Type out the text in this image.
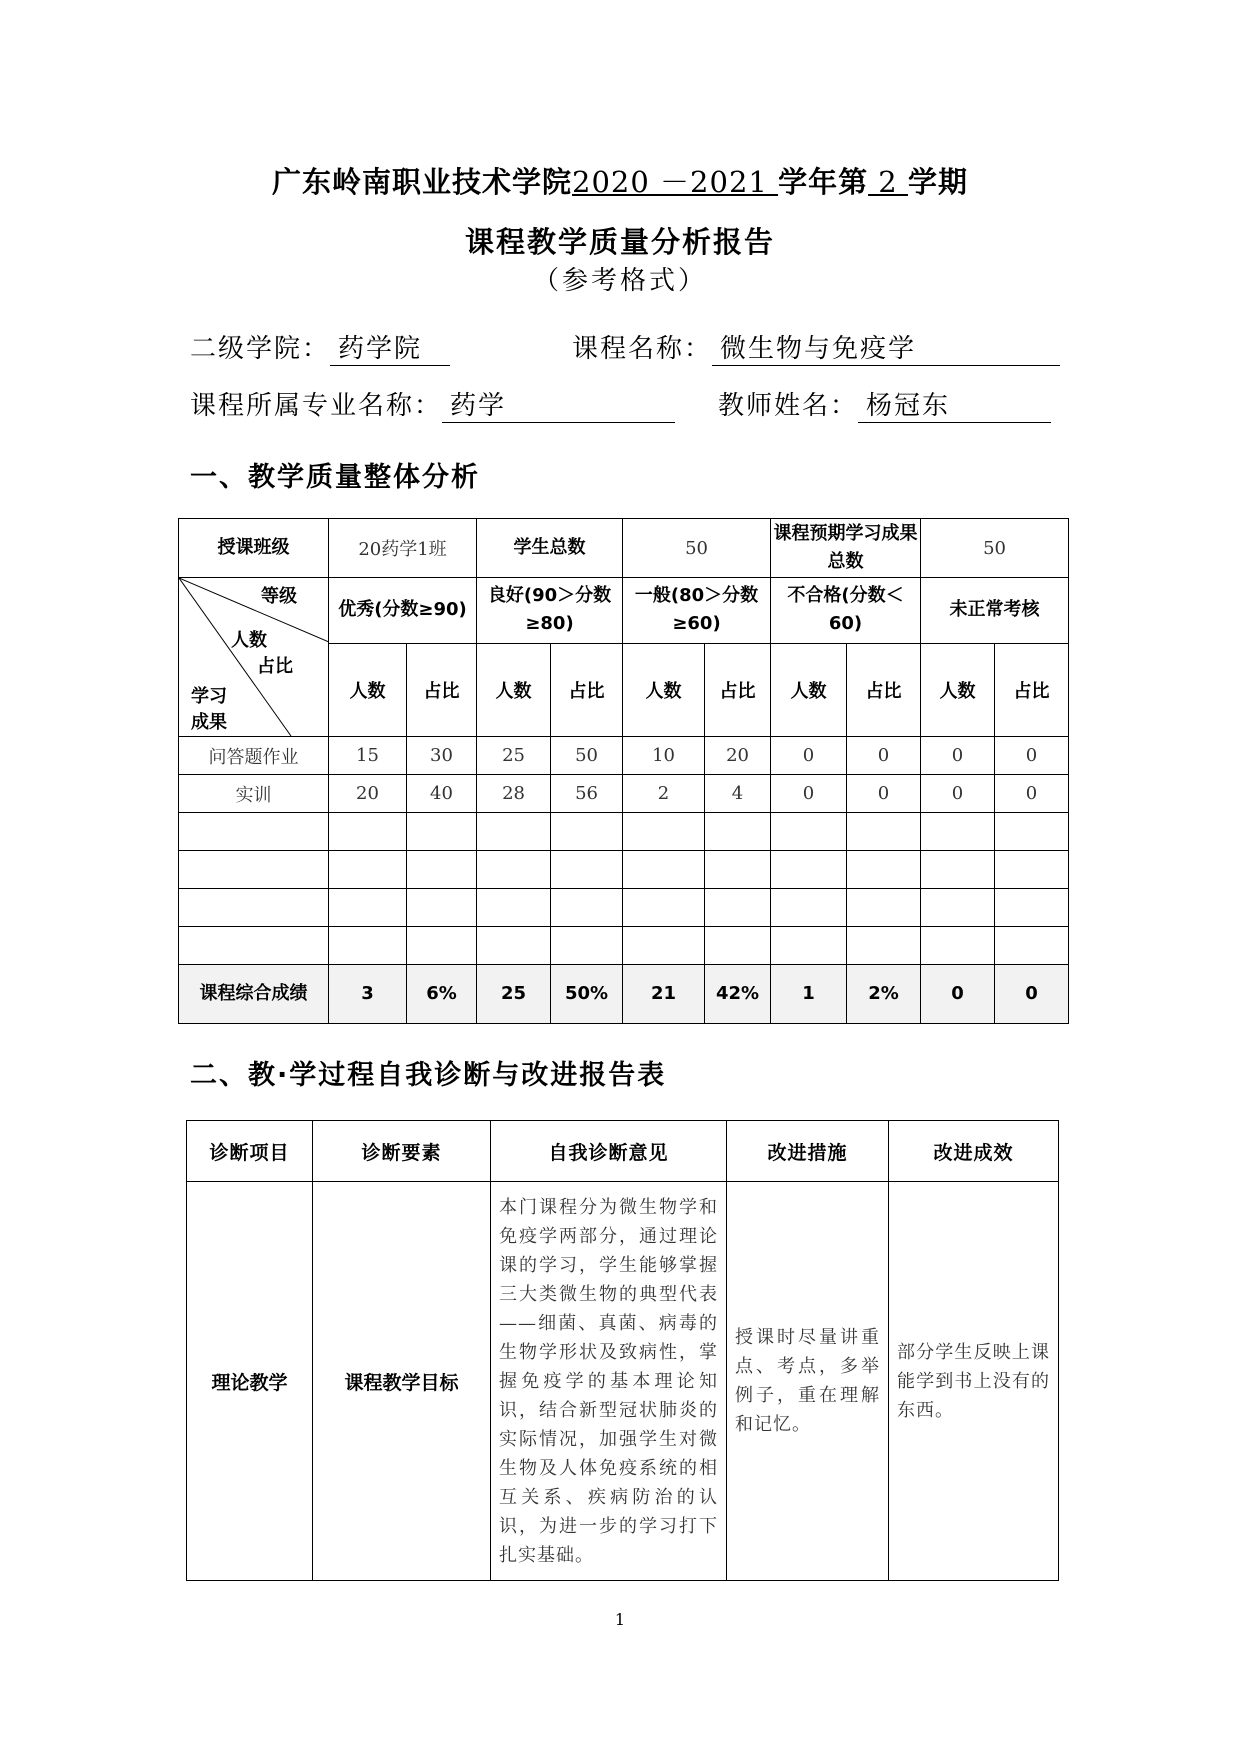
广东岭南职业技术学院2020 －2021 学年第 2 学期
课程教学质量分析报告
（参考格式）
二级学院：药学院	课程名称： 微生物与免疫学
课程所属专业名称： 药学	教师姓名： 杨冠东
一、教学质量整体分析
授课班级	20药学1班		学生总数		50		课程预期学习成果总数		50	

等级
人数
占比
学习
成果	优秀(分数≥90)		良好(90＞分数≥80)		一般(80＞分数≥60)		不合格(分数＜60)		未正常考核	
	人数	占比	人数	占比	人数	占比	人数	占比	人数	占比
问答题作业	15	30	25	50	10	20	0	0	0	0
实训	20	40	28	56	2	4	0	0	0	0

课程综合成绩	3	6%	25	50%	21	42%	1	2%	0	0
二、教·学过程自我诊断与改进报告表
诊断项目	诊断要素	自我诊断意见	改进措施	改进成效
理论教学	课程教学目标	本门课程分为微生物学和免疫学两部分，通过理论课的学习，学生能够掌握三大类微生物的典型代表——细菌、真菌、病毒的生物学形状及致病性，掌握免疫学的基本理论知识，结合新型冠状肺炎的实际情况，加强学生对微生物及人体免疫系统的相互关系、疾病防治的认识，为进一步的学习打下扎实基础。	授课时尽量讲重点、考点，多举例子，重在理解和记忆。	部分学生反映上课能学到书上没有的东西。
1
